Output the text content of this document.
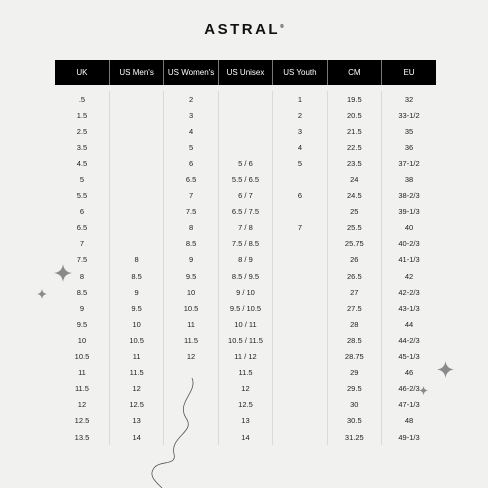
ASTRAL®
UK	US Men's	US Women's	US Unisex	US Youth	CM	EU

.5		2		1	19.5	32
1.5		3		2	20.5	33-1/2
2.5		4		3	21.5	35
3.5		5		4	22.5	36
4.5		6	5 / 6	5	23.5	37-1/2
5		6.5	5.5 / 6.5		24	38
5.5		7	6 / 7	6	24.5	38-2/3
6		7.5	6.5 / 7.5		25	39-1/3
6.5		8	7 / 8	7	25.5	40
7		8.5	7.5 / 8.5		25.75	40-2/3
7.5	8	9	8 / 9		26	41-1/3
8	8.5	9.5	8.5 / 9.5		26.5	42
8.5	9	10	9 / 10		27	42-2/3
9	9.5	10.5	9.5 / 10.5		27.5	43-1/3
9.5	10	11	10 / 11		28	44
10	10.5	11.5	10.5 / 11.5		28.5	44-2/3
10.5	11	12	11 / 12		28.75	45-1/3
11	11.5		11.5		29	46
11.5	12		12		29.5	46-2/3
12	12.5		12.5		30	47-1/3
12.5	13		13		30.5	48
13.5	14		14		31.25	49-1/3
